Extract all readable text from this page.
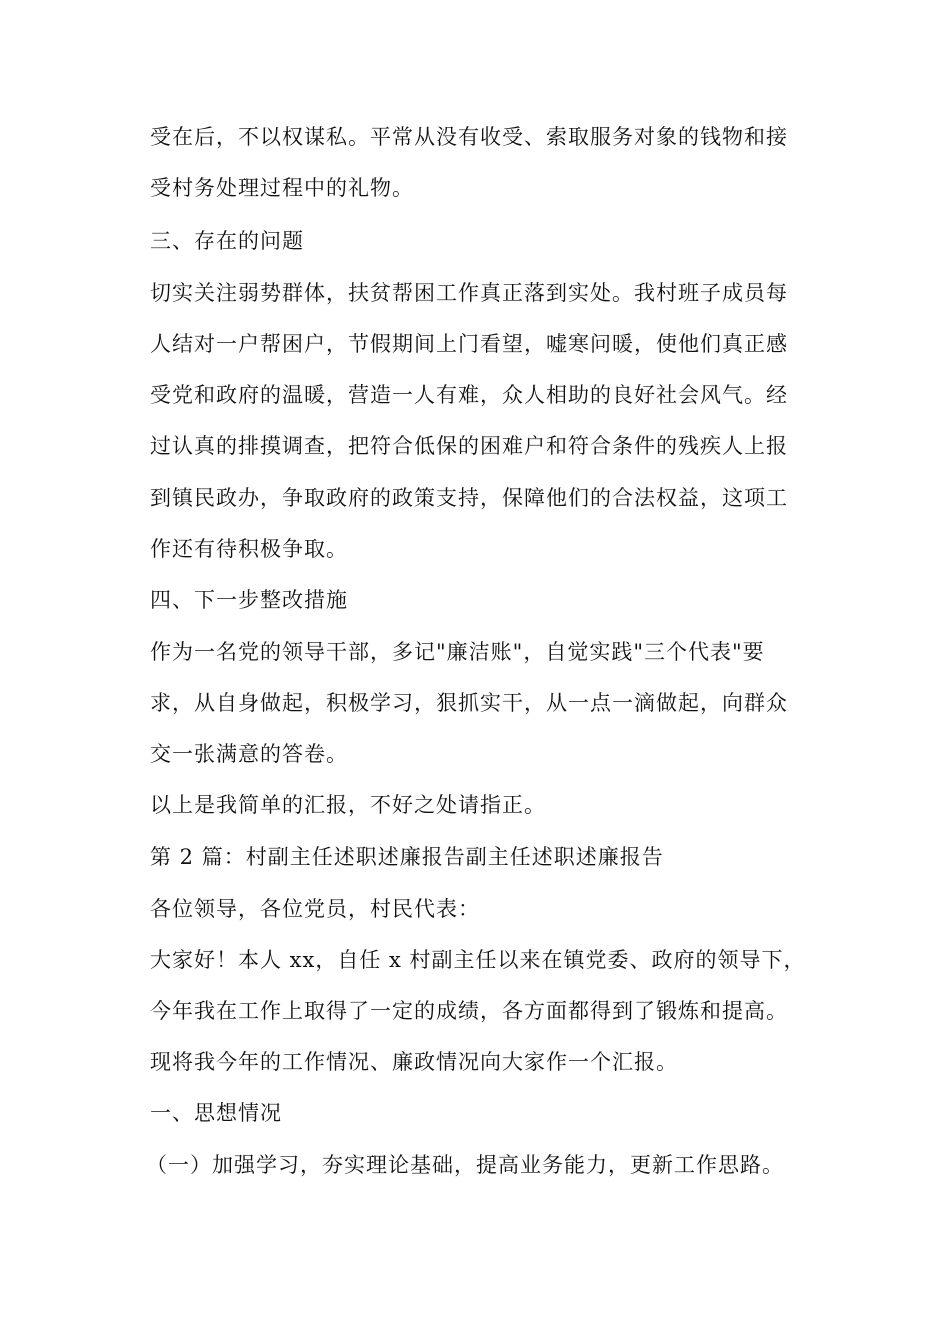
受在后，不以权谋私。平常从没有收受、索取服务对象的钱物和接
受村务处理过程中的礼物。
三、存在的问题
切实关注弱势群体，扶贫帮困工作真正落到实处。我村班子成员每
人结对一户帮困户，节假期间上门看望，嘘寒问暖，使他们真正感
受党和政府的温暖，营造一人有难，众人相助的良好社会风气。经
过认真的排摸调查，把符合低保的困难户和符合条件的残疾人上报
到镇民政办，争取政府的政策支持，保障他们的合法权益，这项工
作还有待积极争取。
四、下一步整改措施
作为一名党的领导干部，多记"廉洁账"，自觉实践"三个代表"要
求，从自身做起，积极学习，狠抓实干，从一点一滴做起，向群众
交一张满意的答卷。
以上是我简单的汇报，不好之处请指正。
第 2 篇：村副主任述职述廉报告副主任述职述廉报告
各位领导，各位党员，村民代表：
大家好！本人 xx，自任 x 村副主任以来在镇党委、政府的领导下，
今年我在工作上取得了一定的成绩，各方面都得到了锻炼和提高。
现将我今年的工作情况、廉政情况向大家作一个汇报。
一、思想情况
（一）加强学习，夯实理论基础，提高业务能力，更新工作思路。
